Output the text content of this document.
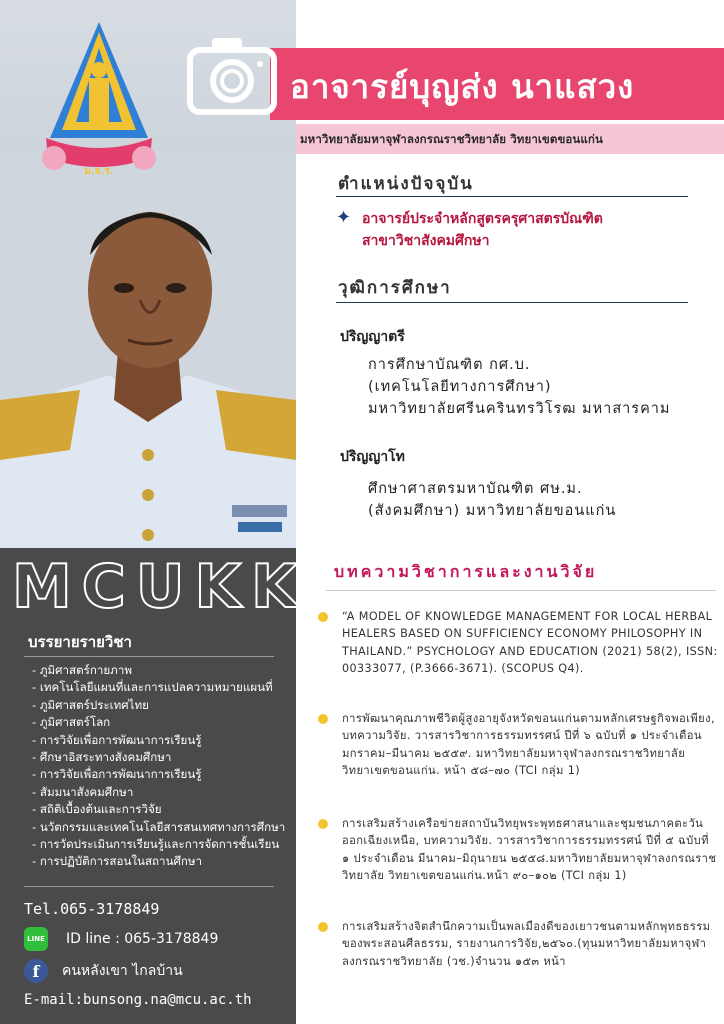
ม.จ.ร.
MCUKK
บรรยายรายวิชา
- ภูมิศาสตร์กายภาพ
- เทคโนโลยีแผนที่และการแปลความหมายแผนที่
- ภูมิศาสตร์ประเทศไทย
- ภูมิศาสตร์โลก
- การวิจัยเพื่อการพัฒนาการเรียนรู้
- ศึกษาอิสระทางสังคมศึกษา
- การวิจัยเพื่อการพัฒนาการเรียนรู้
- สัมมนาสังคมศึกษา
- สถิติเบื้องต้นและการวิจัย
- นวัตกรรมและเทคโนโลยีสารสนเทศทางการศึกษา
- การวัดประเมินการเรียนรู้และการจัดการชั้นเรียน
- การปฏิบัติการสอนในสถานศึกษา
Tel.065-3178849
LINE ID line : 065-3178849
f	คนหลังเขา ไกลบ้าน
E-mail:bunsong.na@mcu.ac.th
อาจารย์บุญส่ง นาแสวง
มหาวิทยาลัยมหาจุฬาลงกรณราชวิทยาลัย วิทยาเขตขอนแก่น
ตำแหน่งปัจจุบัน
✦ อาจารย์ประจำหลักสูตรครุศาสตรบัณฑิต
สาขาวิชาสังคมศึกษา
วุฒิการศึกษา
ปริญญาตรี
การศึกษาบัณฑิต กศ.บ.
(เทคโนโลยีทางการศึกษา)
มหาวิทยาลัยศรีนครินทรวิโรฒ มหาสารคาม
ปริญญาโท
ศึกษาศาสตรมหาบัณฑิต ศษ.ม.
(สังคมศึกษา) มหาวิทยาลัยขอนแก่น
บทความวิชาการและงานวิจัย
“A MODEL OF KNOWLEDGE MANAGEMENT FOR LOCAL HERBAL HEALERS BASED ON SUFFICIENCY ECONOMY PHILOSOPHY IN THAILAND.” PSYCHOLOGY AND EDUCATION (2021) 58(2), ISSN: 00333077, (P.3666-3671). (SCOPUS Q4).
การพัฒนาคุณภาพชีวิตผู้สูงอายุจังหวัดขอนแก่นตามหลักเศรษฐกิจพอเพียง, บทความวิจัย. วารสารวิชาการธรรมทรรศน์ ปีที่ ๖ ฉบับที่ ๑ ประจำเดือน มกราคม–มีนาคม ๒๕๕๙. มหาวิทยาลัยมหาจุฬาลงกรณราชวิทยาลัย วิทยาเขตขอนแก่น. หน้า ๕๘–๗๐ (TCI กลุ่ม 1)
การเสริมสร้างเครือข่ายสถาบันวิทยุพระพุทธศาสนาและชุมชนภาคตะวันออกเฉียงเหนือ, บทความวิจัย. วารสารวิชาการธรรมทรรศน์ ปีที่ ๕ ฉบับที่ ๑ ประจำเดือน มีนาคม–มิถุนายน ๒๕๕๘.มหาวิทยาลัยมหาจุฬาลงกรณราชวิทยาลัย วิทยาเขตขอนแก่น.หน้า ๙๐–๑๐๒ (TCI กลุ่ม 1)
การเสริมสร้างจิตสำนึกความเป็นพลเมืองดีของเยาวชนตามหลักพุทธธรรมของพระสอนศีลธรรม, รายงานการวิจัย,๒๕๖๐.(ทุนมหาวิทยาลัยมหาจุฬาลงกรณราชวิทยาลัย (วช.)จำนวน ๑๕๓ หน้า
